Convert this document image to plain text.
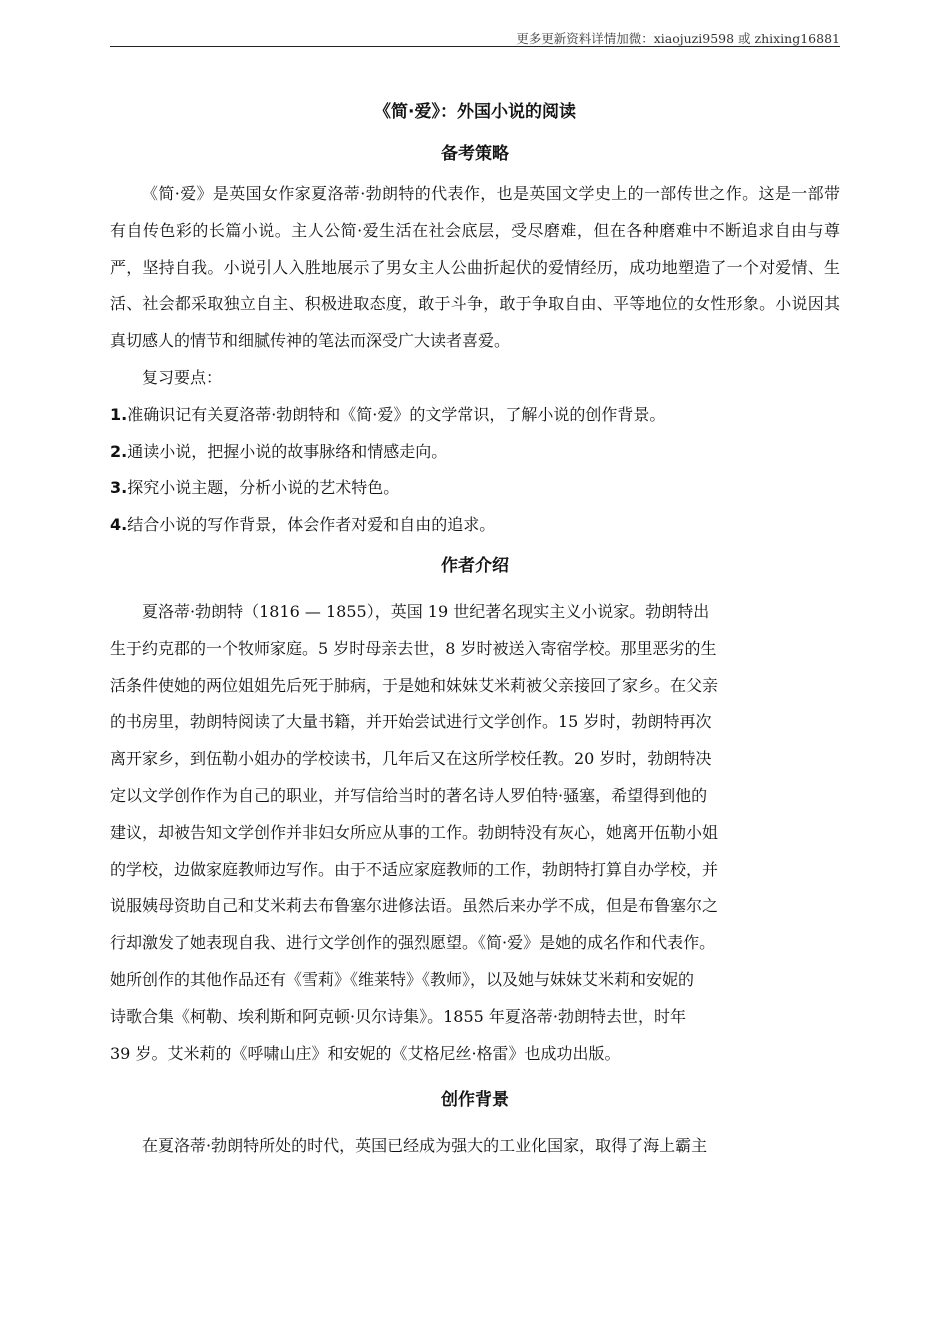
更多更新资料详情加微：xiaojuzi9598 或 zhixing16881
《简·爱》：外国小说的阅读
备考策略

《简·爱》是英国女作家夏洛蒂·勃朗特的代表作，也是英国文学史上的一部传世之作。这是一部带有自传色彩的长篇小说。主人公简·爱生活在社会底层，受尽磨难，但在各种磨难中不断追求自由与尊严，坚持自我。小说引人入胜地展示了男女主人公曲折起伏的爱情经历，成功地塑造了一个对爱情、生活、社会都采取独立自主、积极进取态度，敢于斗争，敢于争取自由、平等地位的女性形象。小说因其真切感人的情节和细腻传神的笔法而深受广大读者喜爱。

复习要点：
1.准确识记有关夏洛蒂·勃朗特和《简·爱》的文学常识，了解小说的创作背景。
2.通读小说，把握小说的故事脉络和情感走向。
3.探究小说主题，分析小说的艺术特色。
4.结合小说的写作背景，体会作者对爱和自由的追求。
作者介绍
夏洛蒂·勃朗特（1816 — 1855），英国 19 世纪著名现实主义小说家。勃朗特出
生于约克郡的一个牧师家庭。5 岁时母亲去世，8 岁时被送入寄宿学校。那里恶劣的生
活条件使她的两位姐姐先后死于肺病，于是她和妹妹艾米莉被父亲接回了家乡。在父亲
的书房里，勃朗特阅读了大量书籍，并开始尝试进行文学创作。15 岁时，勃朗特再次
离开家乡，到伍勒小姐办的学校读书，几年后又在这所学校任教。20 岁时，勃朗特决
定以文学创作作为自己的职业，并写信给当时的著名诗人罗伯特·骚塞，希望得到他的
建议，却被告知文学创作并非妇女所应从事的工作。勃朗特没有灰心，她离开伍勒小姐
的学校，边做家庭教师边写作。由于不适应家庭教师的工作，勃朗特打算自办学校，并
说服姨母资助自己和艾米莉去布鲁塞尔进修法语。虽然后来办学不成，但是布鲁塞尔之
行却激发了她表现自我、进行文学创作的强烈愿望。《简·爱》是她的成名作和代表作。
她所创作的其他作品还有《雪莉》《维莱特》《教师》，以及她与妹妹艾米莉和安妮的
诗歌合集《柯勒、埃利斯和阿克顿·贝尔诗集》。1855 年夏洛蒂·勃朗特去世，时年
39 岁。艾米莉的《呼啸山庄》和安妮的《艾格尼丝·格雷》也成功出版。
创作背景
在夏洛蒂·勃朗特所处的时代，英国已经成为强大的工业化国家，取得了海上霸主
